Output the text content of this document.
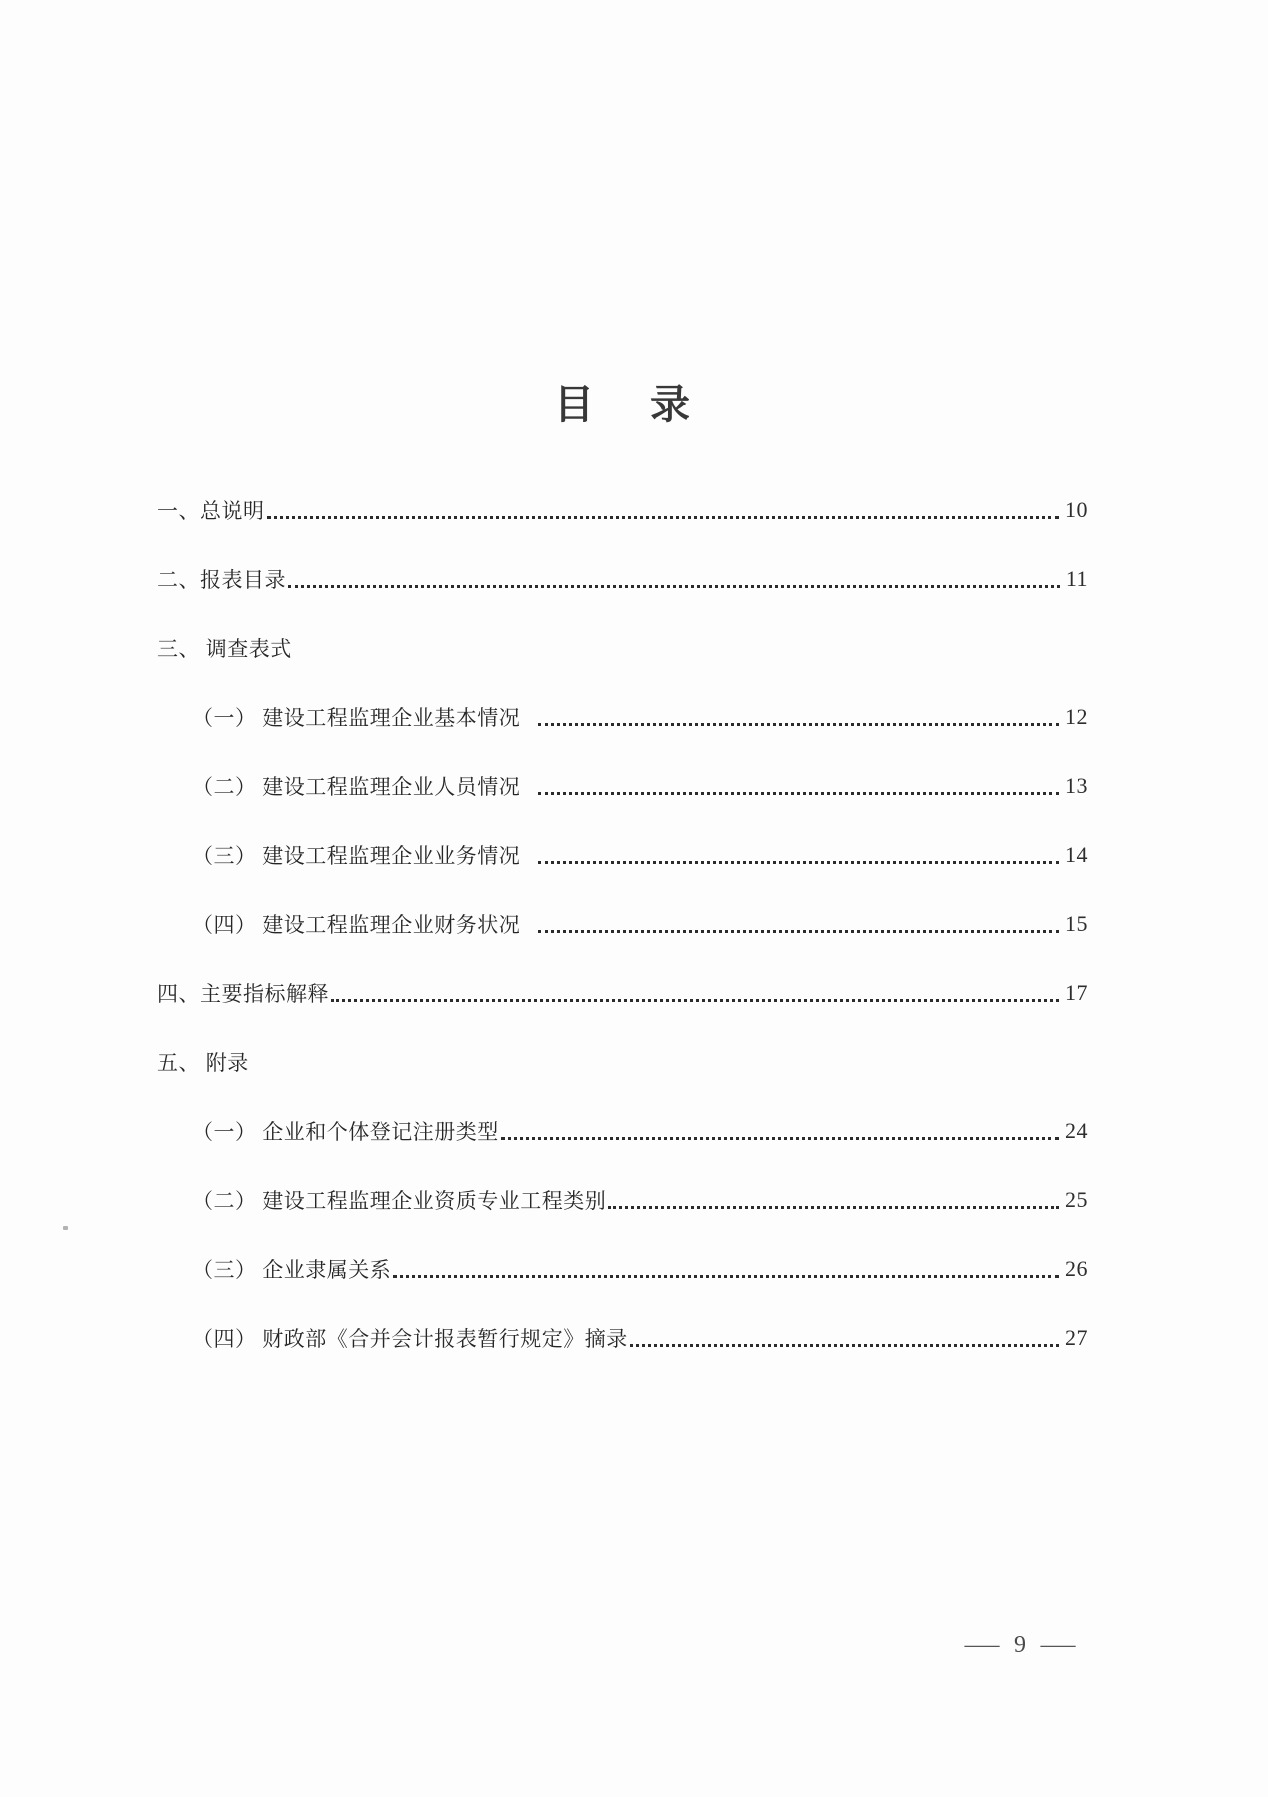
目 录
一、总说明	10
二、报表目录	11
三、 调查表式
（一） 建设工程监理企业基本情况	12
（二） 建设工程监理企业人员情况	13
（三） 建设工程监理企业业务情况	14
（四） 建设工程监理企业财务状况	15
四、主要指标解释	17
五、 附录
（一） 企业和个体登记注册类型	24
（二） 建设工程监理企业资质专业工程类别	25
（三） 企业隶属关系	26
（四） 财政部《合并会计报表暂行规定》摘录	27
— 9 —
